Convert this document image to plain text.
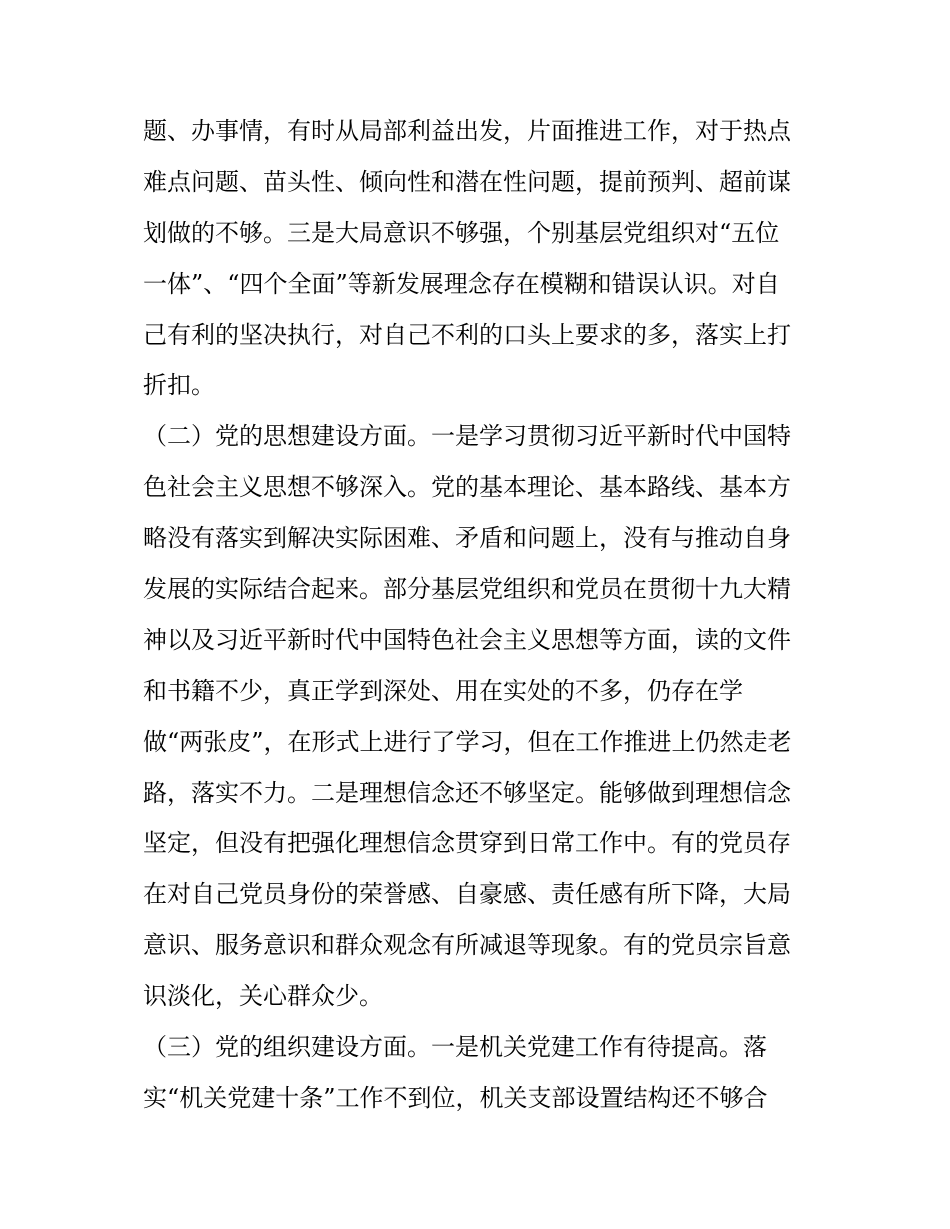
题、办事情，有时从局部利益出发，片面推进工作，对于热点
难点问题、苗头性、倾向性和潜在性问题，提前预判、超前谋
划做的不够。三是大局意识不够强，个别基层党组织对“五位
一体”、“四个全面”等新发展理念存在模糊和错误认识。对自
己有利的坚决执行，对自己不利的口头上要求的多，落实上打
折扣。
（二）党的思想建设方面。一是学习贯彻习近平新时代中国特
色社会主义思想不够深入。党的基本理论、基本路线、基本方
略没有落实到解决实际困难、矛盾和问题上，没有与推动自身
发展的实际结合起来。部分基层党组织和党员在贯彻十九大精
神以及习近平新时代中国特色社会主义思想等方面，读的文件
和书籍不少，真正学到深处、用在实处的不多，仍存在学
做“两张皮”，在形式上进行了学习，但在工作推进上仍然走老
路，落实不力。二是理想信念还不够坚定。能够做到理想信念
坚定，但没有把强化理想信念贯穿到日常工作中。有的党员存
在对自己党员身份的荣誉感、自豪感、责任感有所下降，大局
意识、服务意识和群众观念有所减退等现象。有的党员宗旨意
识淡化，关心群众少。
（三）党的组织建设方面。一是机关党建工作有待提高。落
实“机关党建十条”工作不到位，机关支部设置结构还不够合
